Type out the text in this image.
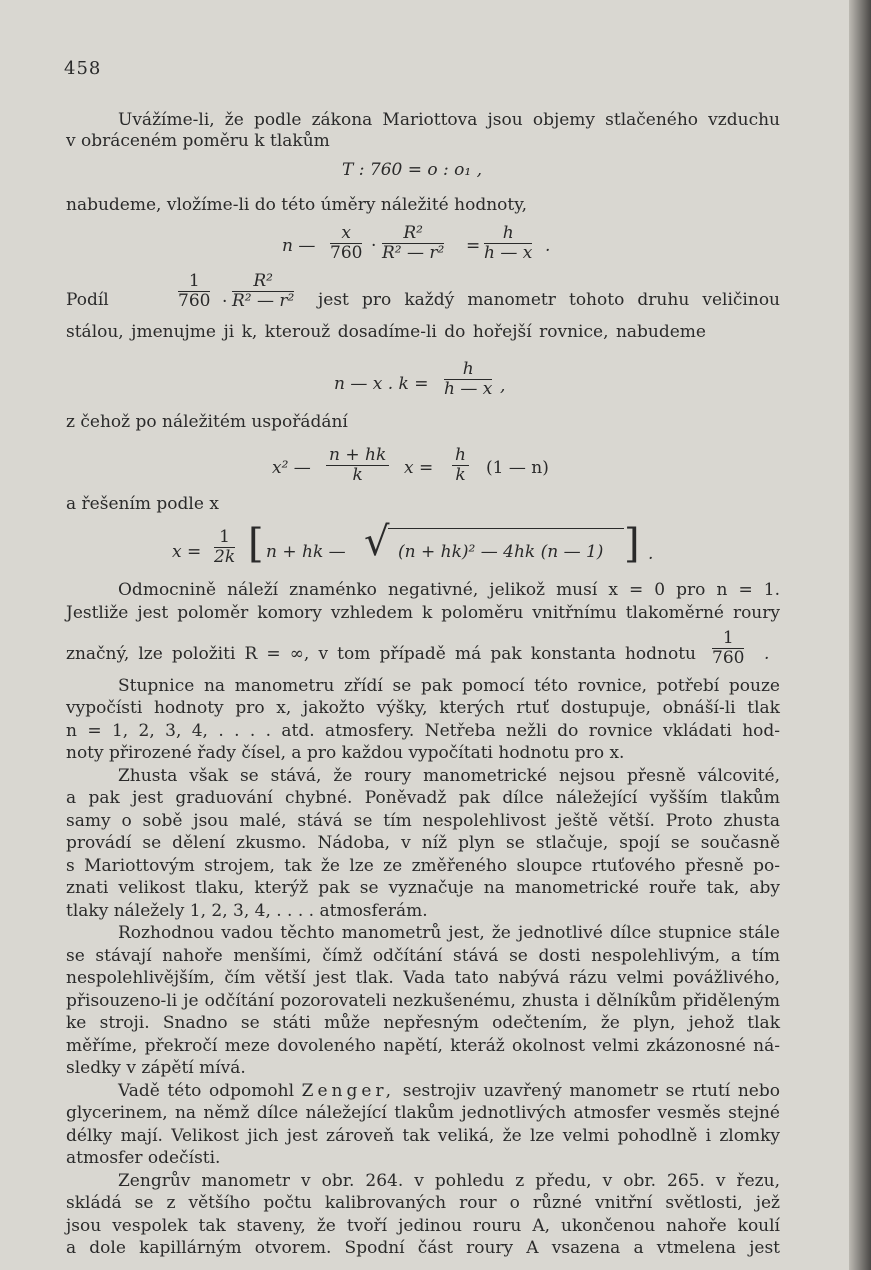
458
Uvážíme-li, že podle zákona Mariottova jsou objemy stlačeného vzduchu
v obráceném poměru k tlakům
T : 760 = o : o₁ ,
nabudeme, vložíme-li do této úměry náležité hodnoty,
n — $\frac{x}{760} \cdot \frac{\text{R²}}{\text{R² — r²}} = \frac{h}{h — x}$ .
Podíl	$\frac{1}{760} \cdot \frac{\text{R²}}{\text{R² — r²}}$ jest pro každý manometr tohoto druhu veličinou
stálou, jmenujme ji k, kterouž dosadíme-li do hořejší rovnice, nabudeme
n — x . $k = \frac{h}{h — x}$ ,
z čehož po náležitém uspořádání
x² — $\frac{n + hk}{k}$ $x = \frac{h}{k} (1$ — n)
a řešením podle x
$x = \frac{1}{2k}$ [ n + hk — √ (n + hk)² — 4hk (n — 1) ] .
Odmocnině náleží znaménko negativné, jelikož musí x = 0 pro n = 1.
Jestliže jest poloměr komory vzhledem k poloměru vnitřnímu tlakoměrné roury
značný, lze položiti R = ∞, v tom případě má pak konstanta hodnotu $\frac{1}{760}$ .
Stupnice na manometru zřídí se pak pomocí této rovnice, potřebí pouze
vypočísti hodnoty pro x, jakožto výšky, kterých rtuť dostupuje, obnáší-li tlak
n = 1, 2, 3, 4, . . . . atd. atmosfery. Netřeba nežli do rovnice vkládati hod-
noty přirozené řady čísel, a pro každou vypočítati hodnotu pro x.
Zhusta však se stává, že roury manometrické nejsou přesně válcovité,
a pak jest graduování chybné. Poněvadž pak dílce náležející vyšším tlakům
samy o sobě jsou malé, stává se tím nespolehlivost ještě větší. Proto zhusta
provádí se dělení zkusmo. Nádoba, v níž plyn se stlačuje, spojí se současně
s Mariottovým strojem, tak že lze ze změřeného sloupce rtuťového přesně po-
znati velikost tlaku, kterýž pak se vyznačuje na manometrické rouře tak, aby
tlaky náležely 1, 2, 3, 4, . . . . atmosferám.
Rozhodnou vadou těchto manometrů jest, že jednotlivé dílce stupnice stále
se stávají nahoře menšími, čímž odčítání stává se dosti nespolehlivým, a tím
nespolehlivějším, čím větší jest tlak. Vada tato nabývá rázu velmi povážlivého,
přisouzeno-li je odčítání pozorovateli nezkušenému, zhusta i dělníkům přiděleným
ke stroji. Snadno se státi může nepřesným odečtením, že plyn, jehož tlak
měříme, překročí meze dovoleného napětí, kteráž okolnost velmi zkázonosné ná-
sledky v zápětí mívá.
Vadě této odpomohl Zenger, sestrojiv uzavřený manometr se rtutí nebo
glycerinem, na němž dílce náležející tlakům jednotlivých atmosfer vesměs stejné
délky mají. Velikost jich jest zároveň tak veliká, že lze velmi pohodlně i zlomky
atmosfer odečísti.
Zengrův manometr v obr. 264. v pohledu z předu, v obr. 265. v řezu,
skládá se z většího počtu kalibrovaných rour o různé vnitřní světlosti, jež
jsou vespolek tak staveny, že tvoří jedinou rouru A, ukončenou nahoře koulí
a dole kapillárným otvorem. Spodní část roury A vsazena a vtmelena jest
